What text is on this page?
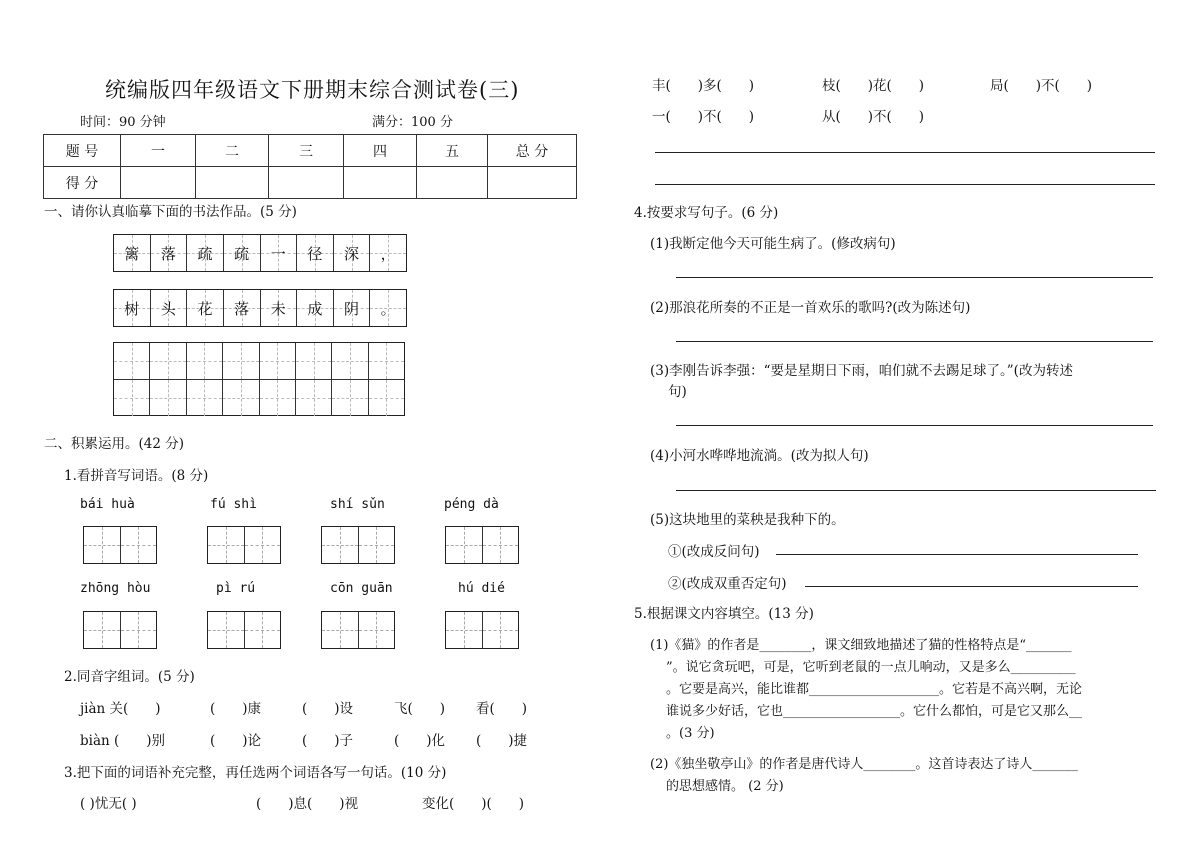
统编版四年级语文下册期末综合测试卷(三)
时间：90 分钟	满分：100 分
题 号	一	二	三	四	五	总 分
得 分						
一、请你认真临摹下面的书法作品。(5 分)
篱 落 疏 疏 一 径 深 ，
树 头 花 落 未 成 阴 。
二、积累运用。(42 分)
1.看拼音写词语。(8 分)
bái huà	fú shì	shí sǔn	péng dà
zhōng hòu	pì rú	cōn guān	hú dié
2.同音字组词。(5 分)
jiàn 关(　　)	(　　)康	(　　)设	飞(　　) 看(　　)
biàn (　　)别	(　　)论	(　　)子	(　　)化 (　　)捷
3.把下面的词语补充完整，再任选两个词语各写一句话。(10 分)
( )忧无( )	(　　)息(　　)视	变化(　　)(　　)
丰(　　)多(　　)	枝(　　)花(　　)	局(　　)不(　　)
一(　　)不(　　)	从(　　)不(　　)
4.按要求写句子。(6 分)
(1)我断定他今天可能生病了。(修改病句)
(2)那浪花所奏的不正是一首欢乐的歌吗?(改为陈述句)
(3)李刚告诉李强：“要是星期日下雨，咱们就不去踢足球了。”(改为转述
句)
(4)小河水哗哗地流淌。(改为拟人句)
(5)这块地里的菜秧是我种下的。
①(改成反问句)
②(改成双重否定句)
5.根据课文内容填空。(13 分)
(1)《猫》的作者是________，课文细致地描述了猫的性格特点是“_______
”。说它贪玩吧，可是，它听到老鼠的一点儿响动，又是多么__________
。它要是高兴，能比谁都____________________。它若是不高兴啊，无论
谁说多少好话，它也__________________。它什么都怕，可是它又那么__
。(3 分)
(2)《独坐敬亭山》的作者是唐代诗人________。这首诗表达了诗人_______
的思想感情。 (2 分)
